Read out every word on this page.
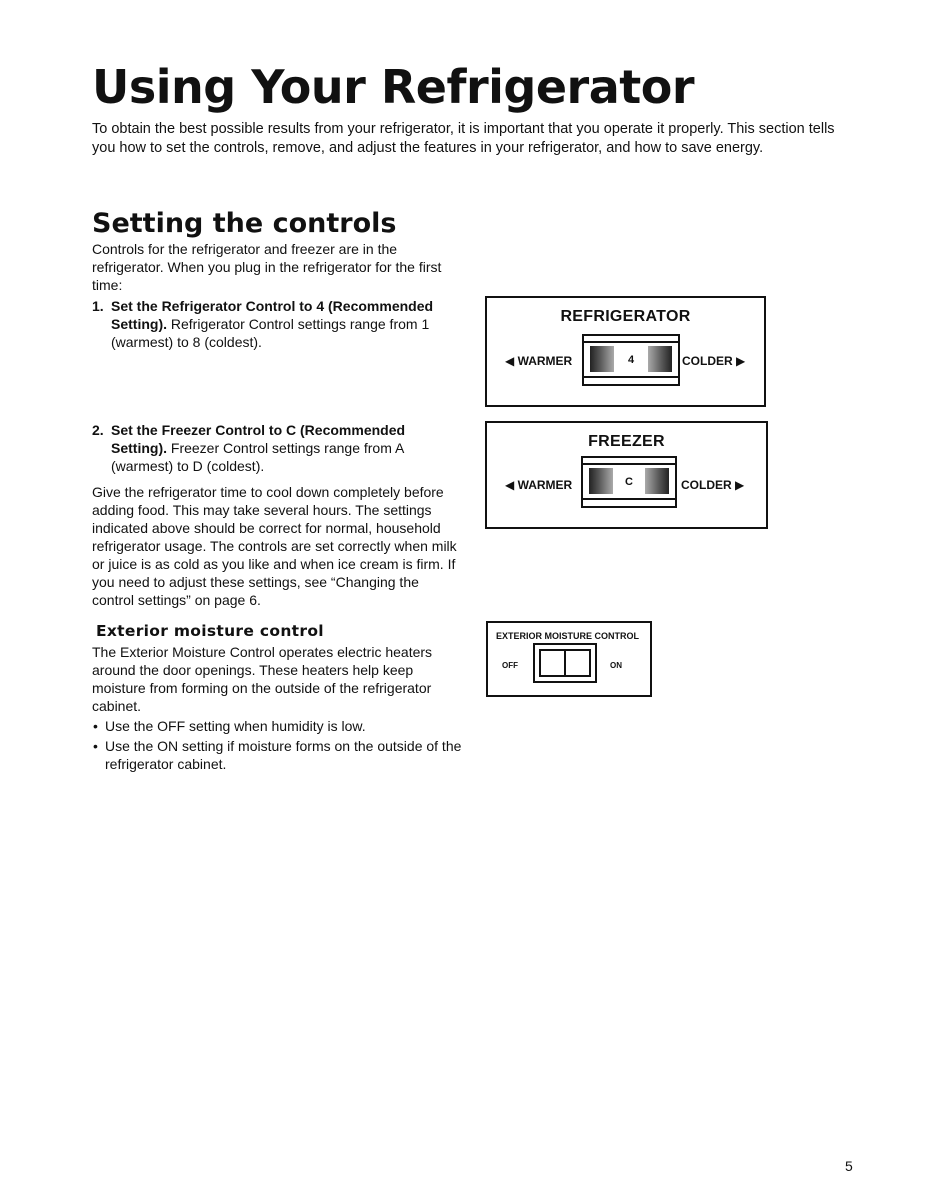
Using Your Refrigerator

To obtain the best possible results from your refrigerator, it is important that you operate it properly. This section tells you how to set the controls, remove, and adjust the features in your refrigerator, and how to save energy.

Setting the controls

Controls for the refrigerator and freezer are in the refrigerator. When you plug in the refrigerator for the first time:

1. Set the Refrigerator Control to 4 (Recommended Setting). Refrigerator Control settings range from 1 (warmest) to 8 (coldest).
2. Set the Freezer Control to C (Recommended Setting). Freezer Control settings range from A (warmest) to D (coldest).

Give the refrigerator time to cool down completely before adding food. This may take several hours. The settings indicated above should be correct for normal, household refrigerator usage. The controls are set correctly when milk or juice is as cold as you like and when ice cream is firm. If you need to adjust these settings, see “Changing the control settings” on page 6.

Exterior moisture control

The Exterior Moisture Control operates electric heaters around the door openings. These heaters help keep moisture from forming on the outside of the refrigerator cabinet.

• Use the OFF setting when humidity is low.
• Use the ON setting if moisture forms on the outside of the refrigerator cabinet.
REFRIGERATOR
◀ WARMER	4	COLDER ▶
FREEZER
◀ WARMER	C	COLDER ▶
EXTERIOR MOISTURE CONTROL
OFF	ON
5
